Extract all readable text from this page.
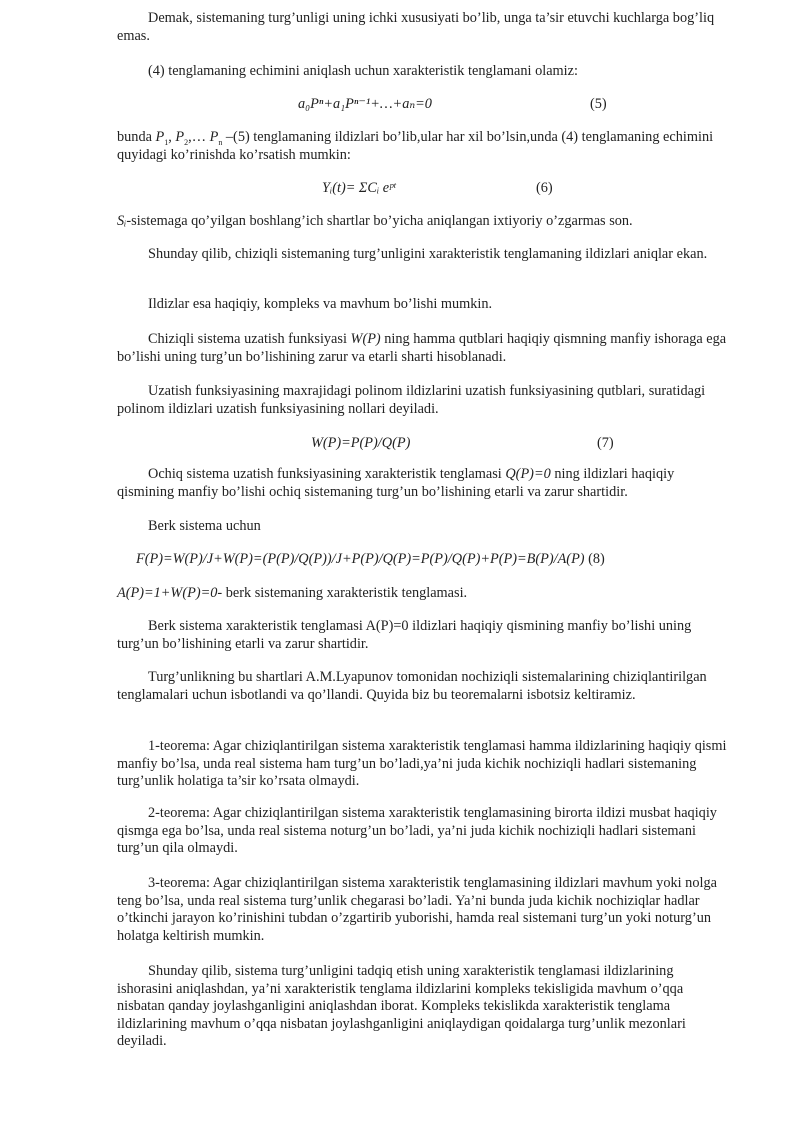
Demak, sistemaning turg’unligi uning ichki xususiyati bo’lib, unga ta’sir etuvchi kuchlarga bog’liq emas.

(4) tenglamaning echimini aniqlash uchun xarakteristik tenglamani olamiz:

a₀Pⁿ+a₁Pⁿ⁻¹+…+aₙ=0	(5)

bunda $P_1$, $P_2,\dots$ $P_n$ –(5) tenglamaning ildizlari bo’lib,ular har xil bo’lsin,unda (4) tenglamaning echimini quyidagi ko’rinishda ko’rsatish mumkin:

Yᵢ(t)= ΣCᵢ eᵖᵗ	(6)

Sᵢ-sistemaga qo’yilgan boshlang’ich shartlar bo’yicha aniqlangan ixtiyoriy o’zgarmas son.

Shunday qilib, chiziqli sistemaning turg’unligini xarakteristik tenglamaning ildizlari aniqlar ekan.

Ildizlar esa haqiqiy, kompleks va mavhum bo’lishi mumkin.

Chiziqli sistema uzatish funksiyasi W(P) ning hamma qutblari haqiqiy qismning manfiy ishoraga ega bo’lishi uning turg’un bo’lishining zarur va etarli sharti hisoblanadi.

Uzatish funksiyasining maxrajidagi polinom ildizlarini uzatish funksiyasining qutblari, suratidagi polinom ildizlari uzatish funksiyasining nollari deyiladi.

W(P)=P(P)/Q(P)	(7)

Ochiq sistema uzatish funksiyasining xarakteristik tenglamasi Q(P)=0 ning ildizlari haqiqiy qismining manfiy bo’lishi ochiq sistemaning turg’un bo’lishining etarli va zarur shartidir.

Berk sistema uchun

F(P)=W(P)/J+W(P)=(P(P)/Q(P))/J+P(P)/Q(P)=P(P)/Q(P)+P(P)=B(P)/A(P) (8)

A(P)=1+W(P)=0- berk sistemaning xarakteristik tenglamasi.

Berk sistema xarakteristik tenglamasi A(P)=0 ildizlari haqiqiy qismining manfiy bo’lishi uning turg’un bo’lishining etarli va zarur shartidir.

Turg’unlikning bu shartlari A.M.Lyapunov tomonidan nochiziqli sistemalarining chiziqlantirilgan tenglamalari uchun isbotlandi va qo’llandi. Quyida biz bu teoremalarni isbotsiz keltiramiz.

1-teorema: Agar chiziqlantirilgan sistema xarakteristik tenglamasi hamma ildizlarining haqiqiy qismi manfiy bo’lsa, unda real sistema ham turg’un bo’ladi,ya’ni juda kichik nochiziqli hadlari sistemaning turg’unlik holatiga ta’sir ko’rsata olmaydi.

2-teorema: Agar chiziqlantirilgan sistema xarakteristik tenglamasining birorta ildizi musbat haqiqiy qismga ega bo’lsa, unda real sistema noturg’un bo’ladi, ya’ni juda kichik nochiziqli hadlari sistemani turg’un qila olmaydi.

3-teorema: Agar chiziqlantirilgan sistema xarakteristik tenglamasining ildizlari mavhum yoki nolga teng bo’lsa, unda real sistema turg’unlik chegarasi bo’ladi. Ya’ni bunda juda kichik nochiziqlar hadlar o’tkinchi jarayon ko’rinishini tubdan o’zgartirib yuborishi, hamda real sistemani turg’un yoki noturg’un holatga keltirish mumkin.

Shunday qilib, sistema turg’unligini tadqiq etish uning xarakteristik tenglamasi ildizlarining ishorasini aniqlashdan, ya’ni xarakteristik tenglama ildizlarini kompleks tekisligida mavhum o’qqa nisbatan qanday joylashganligini aniqlashdan iborat. Kompleks tekislikda xarakteristik tenglama ildizlarining mavhum o’qqa nisbatan joylashganligini aniqlaydigan qoidalarga turg’unlik mezonlari deyiladi.
